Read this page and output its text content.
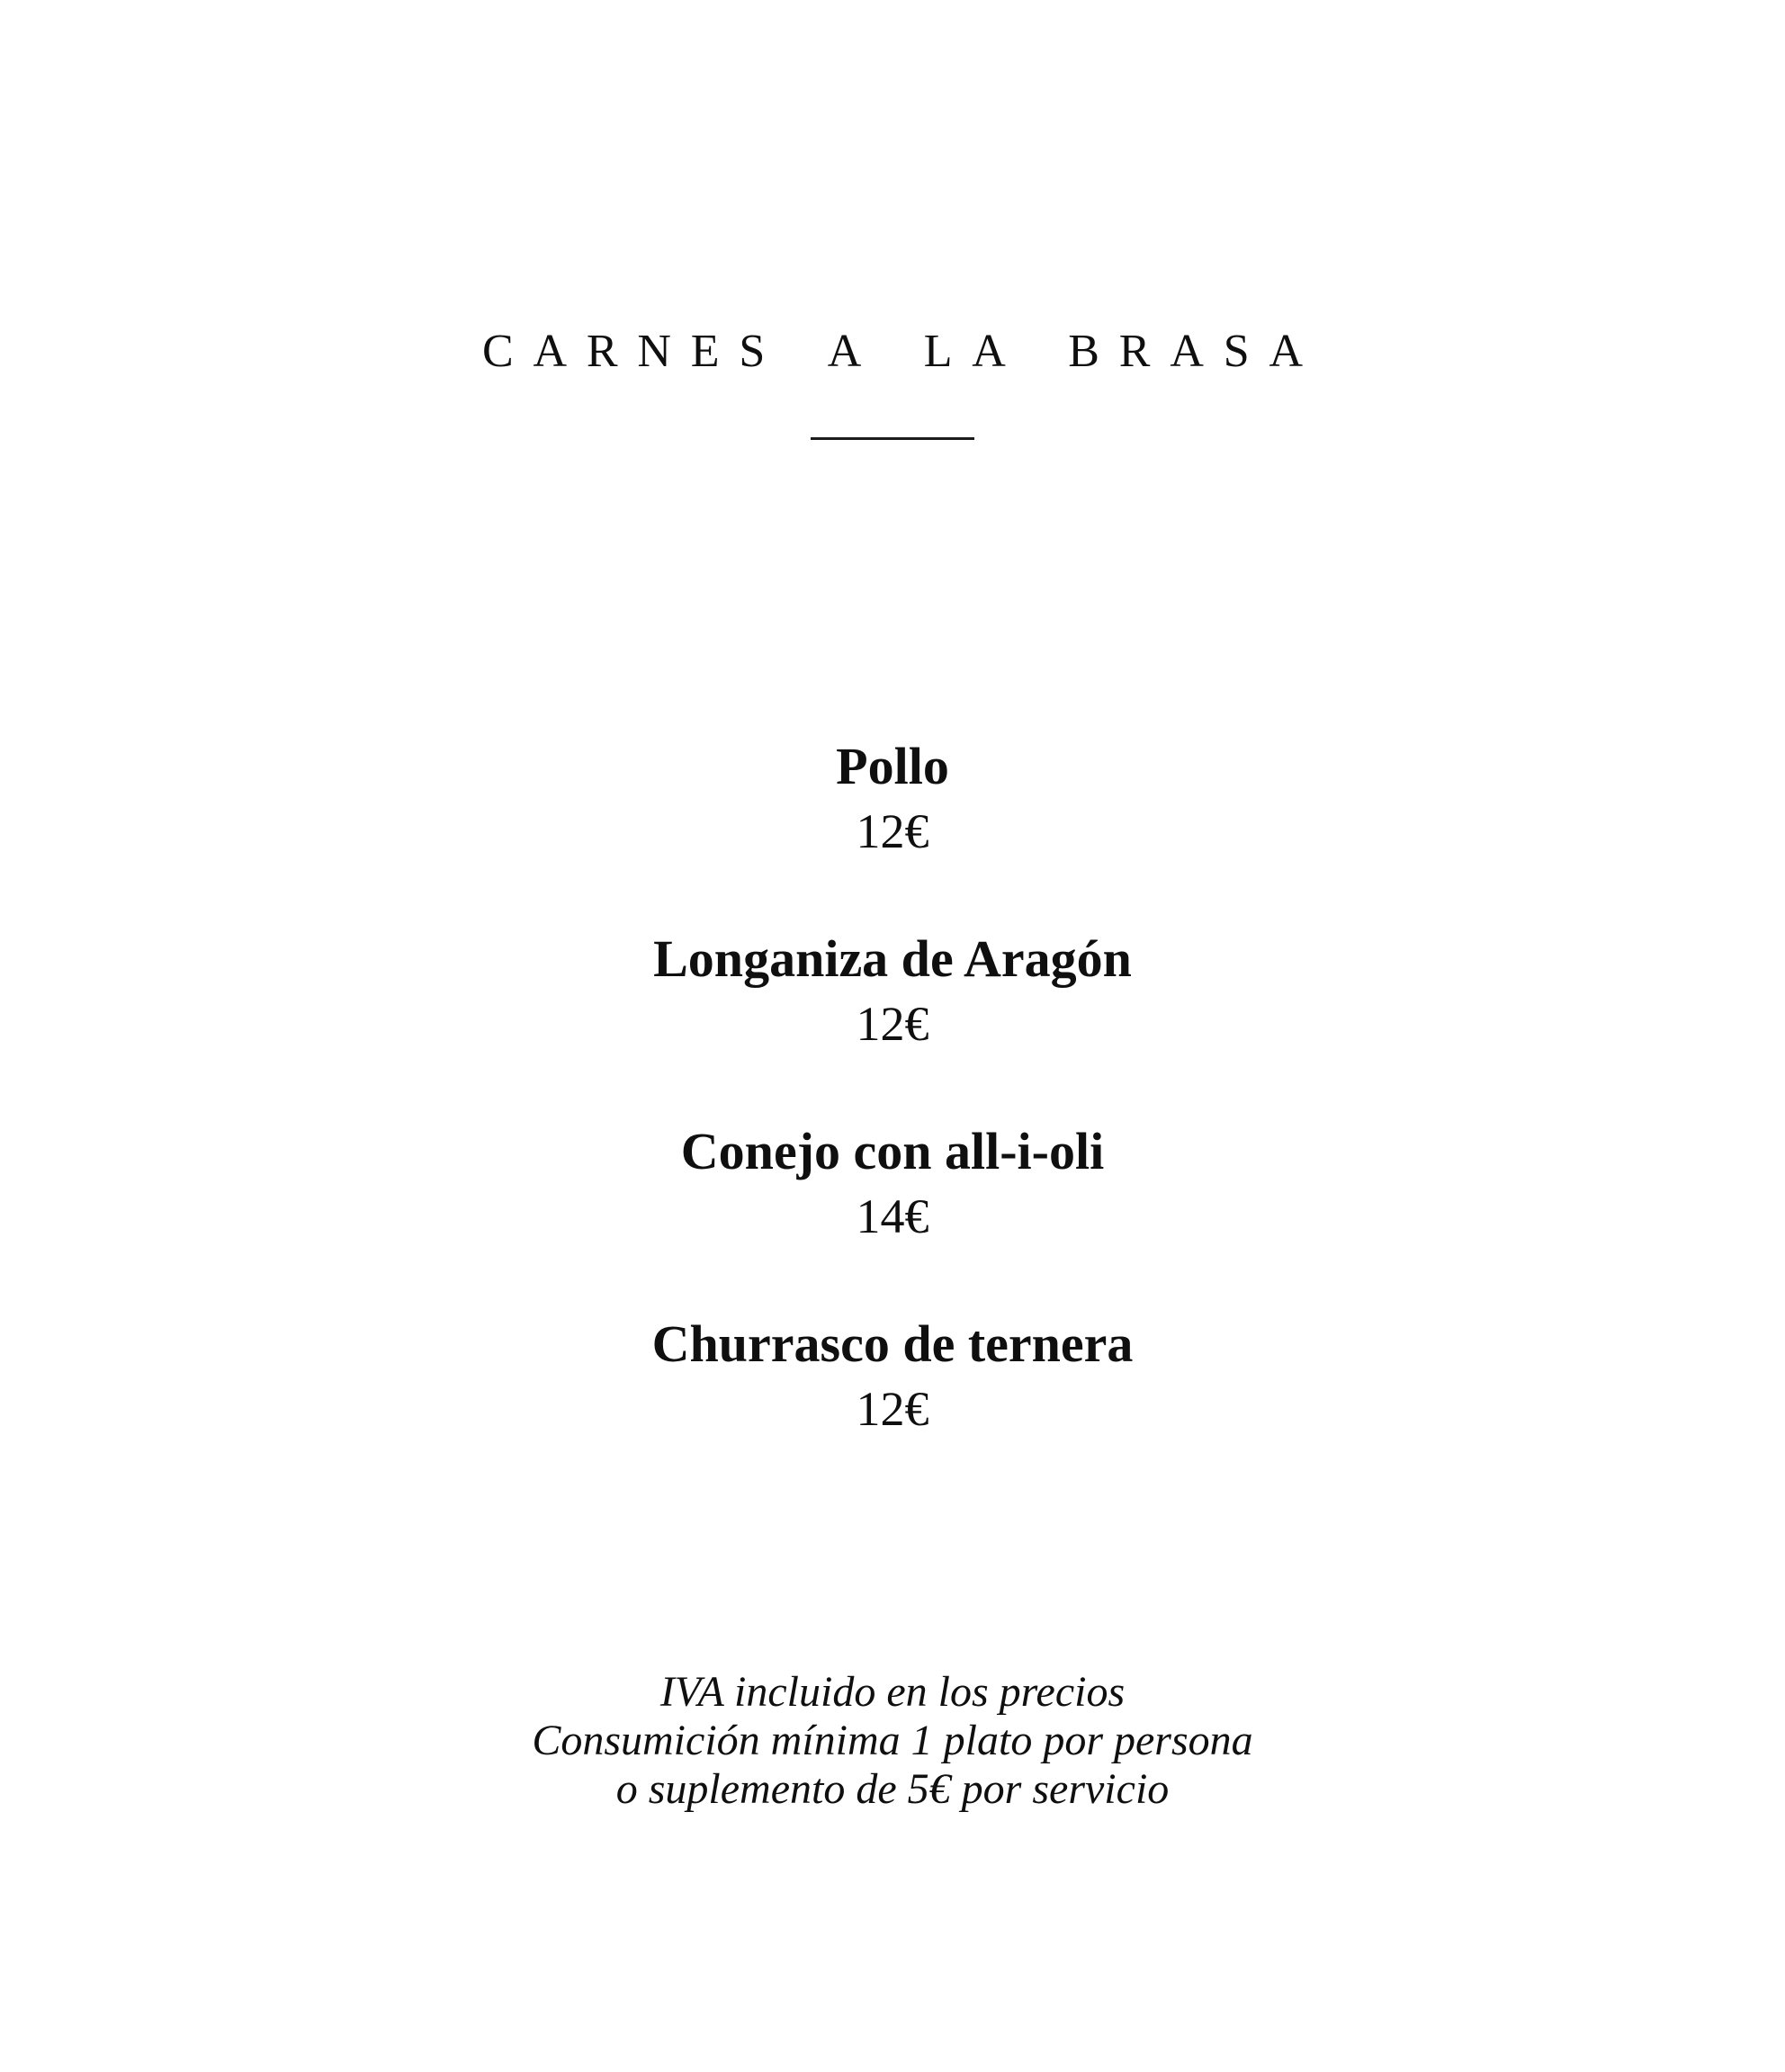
CARNES A LA BRASA
Pollo
12€
Longaniza de Aragón
12€
Conejo con all-i-oli
14€
Churrasco de ternera
12€
IVA incluido en los precios
Consumición mínima 1 plato por persona
o suplemento de 5€ por servicio
